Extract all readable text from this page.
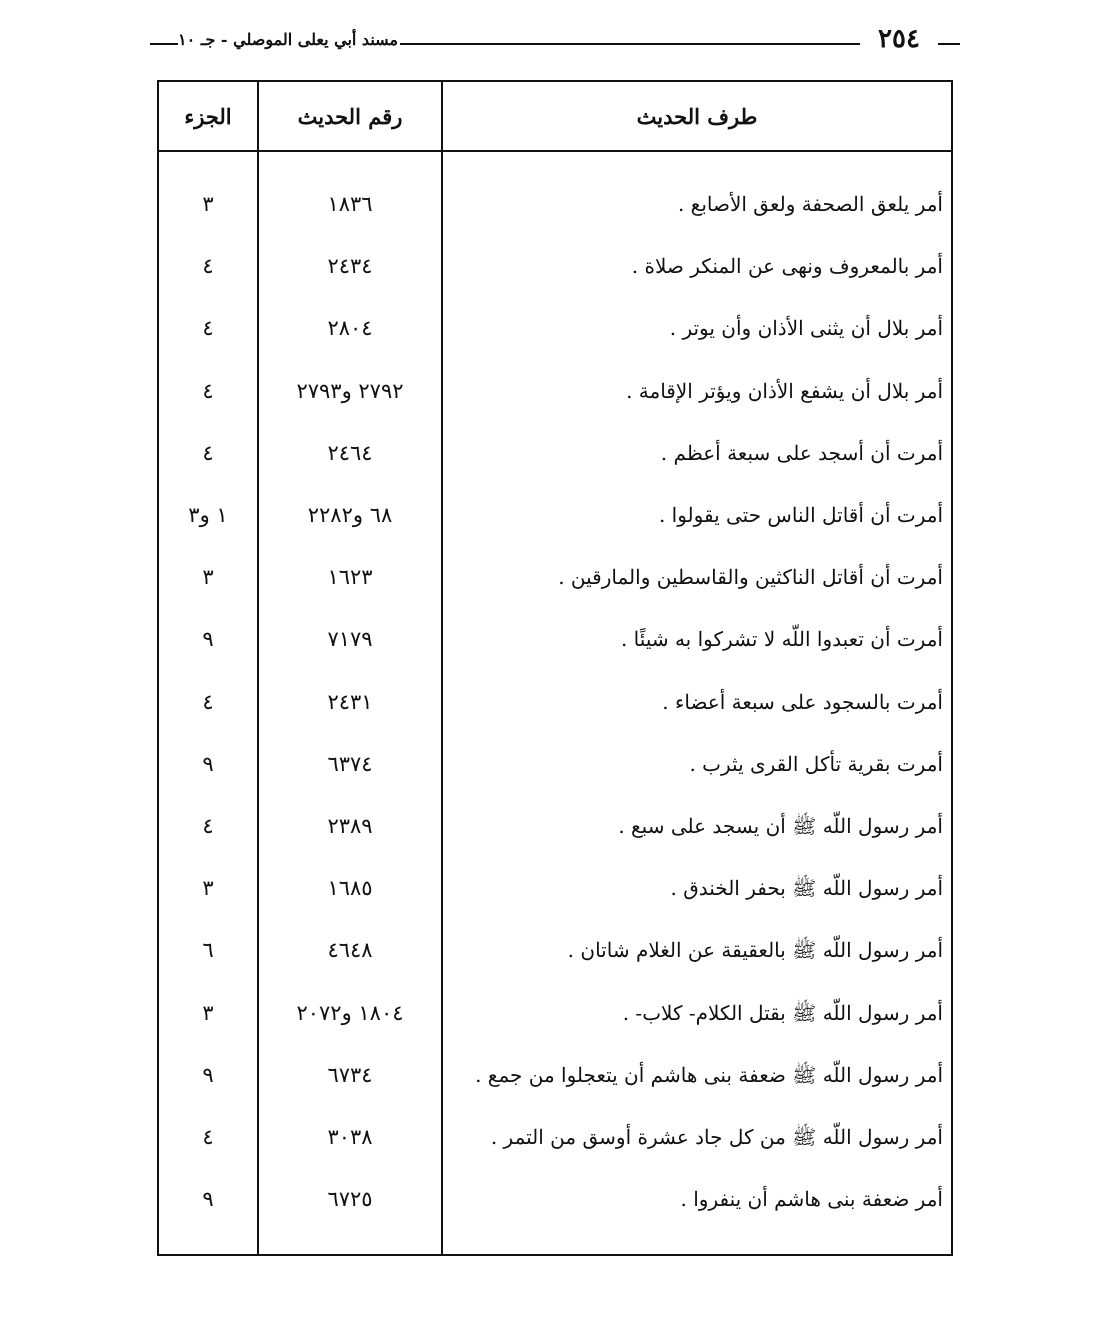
مسند أبي يعلى الموصلي - جـ ١٠	٢٥٤
الجزء	رقم الحديث	طرف الحديث
٣	١٨٣٦	أمر يلعق الصحفة ولعق الأصابع .
٤	٢٤٣٤	أمر بالمعروف ونهى عن المنكر صلاة .
٤	٢٨٠٤	أمر بلال أن يثنى الأذان وأن يوتر .
٤	٢٧٩٢ و٢٧٩٣	أمر بلال أن يشفع الأذان ويؤتر الإقامة .
٤	٢٤٦٤	أمرت أن أسجد على سبعة أعظم .
١ و٣	٦٨ و٢٢٨٢	أمرت أن أقاتل الناس حتى يقولوا .
٣	١٦٢٣	أمرت أن أقاتل الناكثين والقاسطين والمارقين .
٩	٧١٧٩	أمرت أن تعبدوا اللّه لا تشركوا به شيئًا .
٤	٢٤٣١	أمرت بالسجود على سبعة أعضاء .
٩	٦٣٧٤	أمرت بقرية تأكل القرى يثرب .
٤	٢٣٨٩	أمر رسول اللّه ﷺ أن يسجد على سبع .
٣	١٦٨٥	أمر رسول اللّه ﷺ بحفر الخندق .
٦	٤٦٤٨	أمر رسول اللّه ﷺ بالعقيقة عن الغلام شاتان .
٣	١٨٠٤ و٢٠٧٢	أمر رسول اللّه ﷺ بقتل الكلام- كلاب- .
٩	٦٧٣٤	أمر رسول اللّه ﷺ ضعفة بنى هاشم أن يتعجلوا من جمع .
٤	٣٠٣٨	أمر رسول اللّه ﷺ من كل جاد عشرة أوسق من التمر .
٩	٦٧٢٥	أمر ضعفة بنى هاشم أن ينفروا .
